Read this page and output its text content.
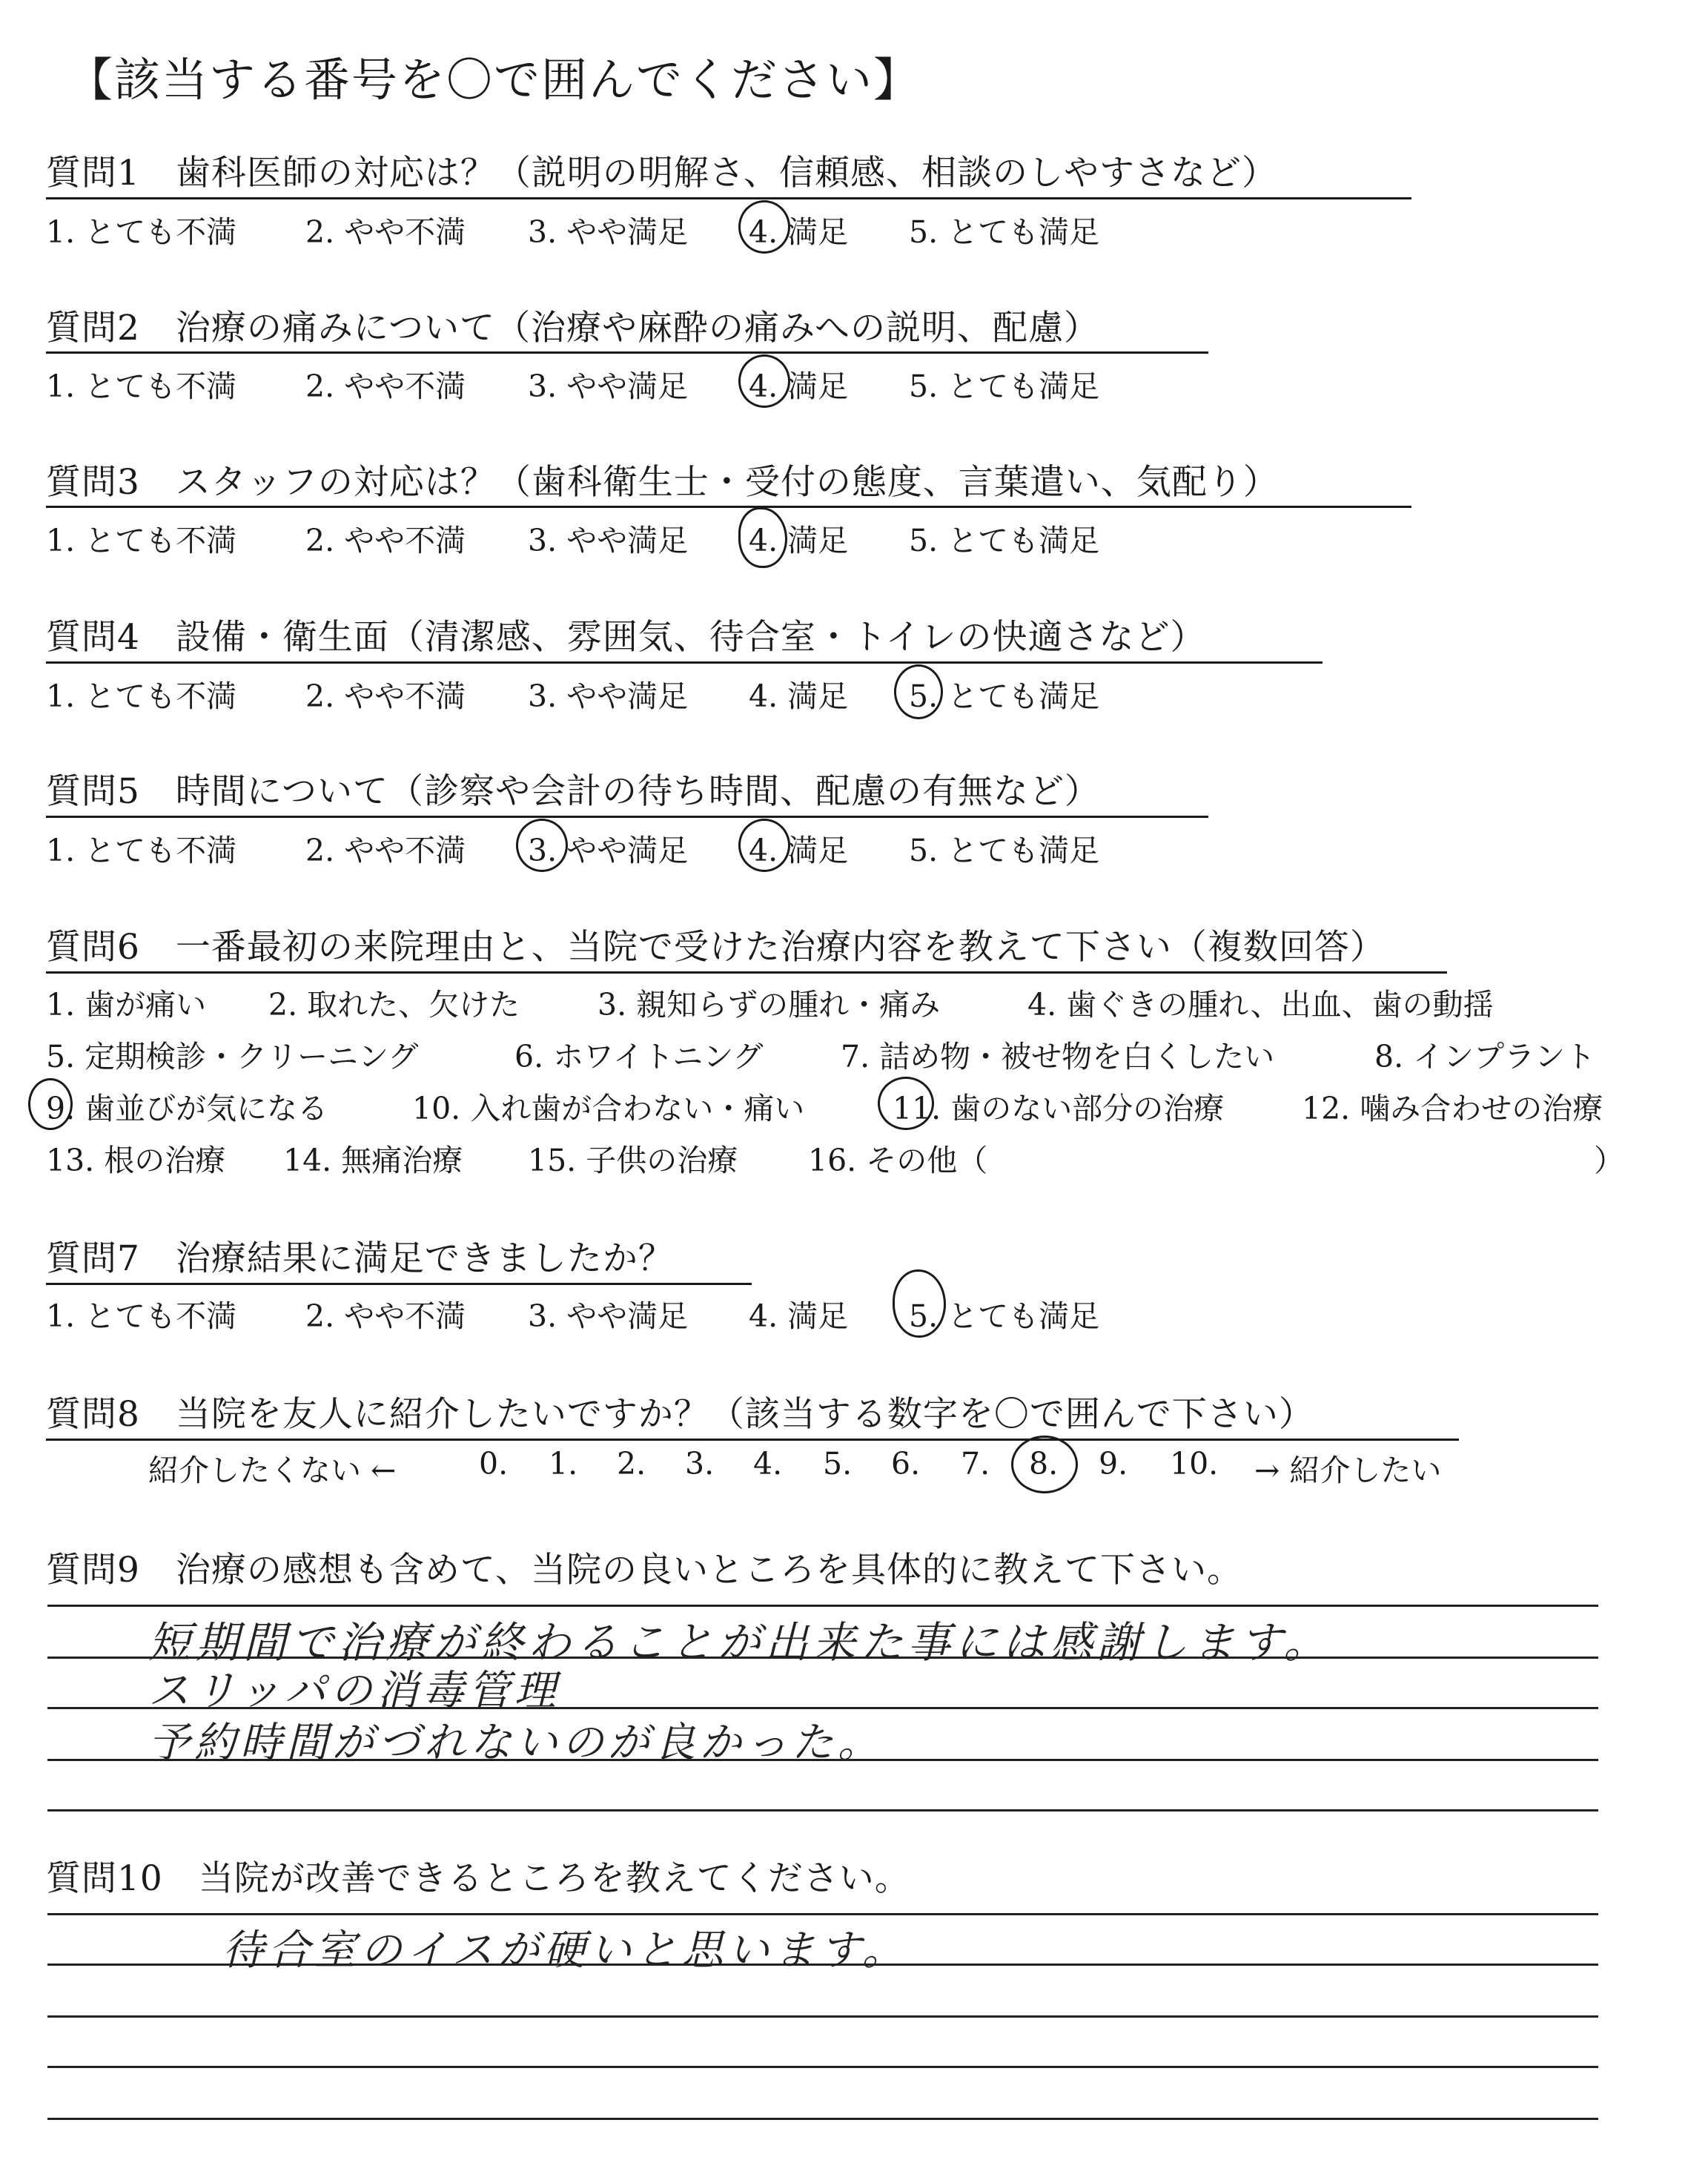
【該当する番号を〇で囲んでください】
質問1　歯科医師の対応は？（説明の明解さ、信頼感、相談のしやすさなど）
1. とても不満 2. やや不満 3. やや満足 4. 満足 5. とても満足
質問2　治療の痛みについて（治療や麻酔の痛みへの説明、配慮）
1. とても不満 2. やや不満 3. やや満足 4. 満足 5. とても満足
質問3　スタッフの対応は？（歯科衛生士・受付の態度、言葉遣い、気配り）
1. とても不満 2. やや不満 3. やや満足 4. 満足 5. とても満足
質問4　設備・衛生面（清潔感、雰囲気、待合室・トイレの快適さなど）
1. とても不満 2. やや不満 3. やや満足 4. 満足 5. とても満足
質問5　時間について（診察や会計の待ち時間、配慮の有無など）
1. とても不満 2. やや不満 3. やや満足 4. 満足 5. とても満足
質問6　一番最初の来院理由と、当院で受けた治療内容を教えて下さい（複数回答）
1. 歯が痛い 2. 取れた、欠けた	3. 親知らずの腫れ・痛み	4. 歯ぐきの腫れ、出血、歯の動揺
5. 定期検診・クリーニング	6. ホワイトニング	7. 詰め物・被せ物を白くしたい	8. インプラント
9. 歯並びが気になる	10. 入れ歯が合わない・痛い	11. 歯のない部分の治療	12. 噛み合わせの治療
13. 根の治療 14. 無痛治療 15. 子供の治療 16. その他（	）
質問7　治療結果に満足できましたか？
1. とても不満 2. やや不満 3. やや満足 4. 満足 5. とても満足
質問8　当院を友人に紹介したいですか？（該当する数字を〇で囲んで下さい）
紹介したくない ←	0. 1. 2. 3. 4. 5. 6. 7. 8. 9. 10. → 紹介したい
質問9　治療の感想も含めて、当院の良いところを具体的に教えて下さい。
短期間で治療が終わることが出来た事には感謝します。
スリッパの消毒管理
予約時間がづれないのが良かった。
質問10　当院が改善できるところを教えてください。
待合室のイスが硬いと思います。
